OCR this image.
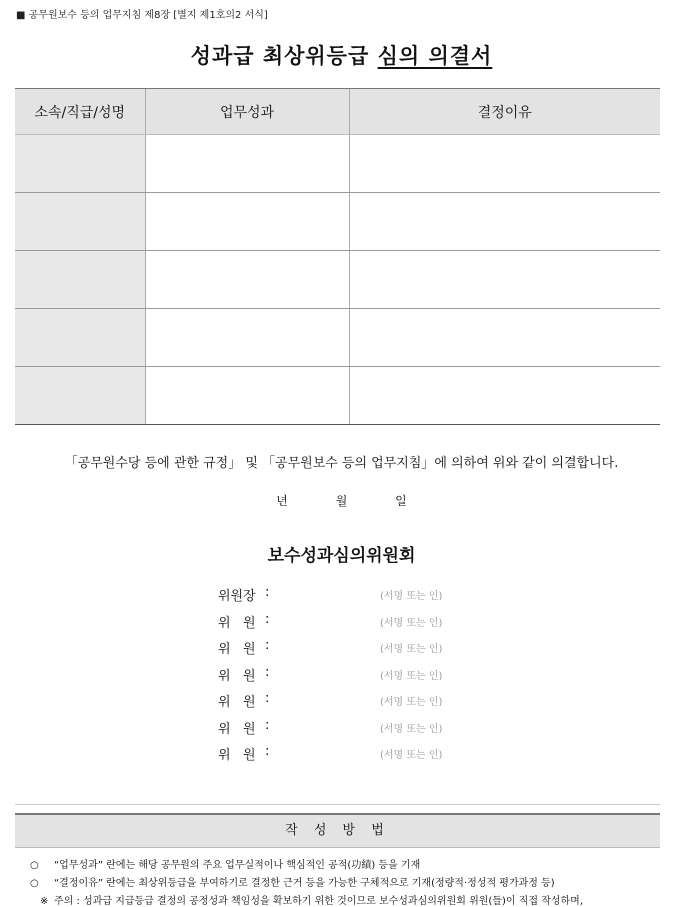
■ 공무원보수 등의 업무지침 제8장 [별지 제1호의2 서식]
성과급 최상위등급 심의 의결서
소속/직급/성명	업무성과	결정이유

「공무원수당 등에 관한 규정」 및 「공무원보수 등의 업무지침」에 의하여 위와 같이 의결합니다.
년	월	일
보수성과심의위원회
위원장 :	(서명 또는 인)
위   원 :	(서명 또는 인)
위   원 :	(서명 또는 인)
위   원 :	(서명 또는 인)
위   원 :	(서명 또는 인)
위   원 :	(서명 또는 인)
위   원 :	(서명 또는 인)
작 성 방 법
○ “업무성과” 란에는 해당 공무원의 주요 업무실적이나 핵심적인 공적(功績) 등을 기재
○ “결정이유” 란에는 최상위등급을 부여하기로 결정한 근거 등을 가능한 구체적으로 기재(정량적·정성적 평가과정 등)
※ 주의 : 성과급 지급등급 결정의 공정성과 책임성을 확보하기 위한 것이므로 보수성과심의위원회 위원(들)이 직접 작성하며,
